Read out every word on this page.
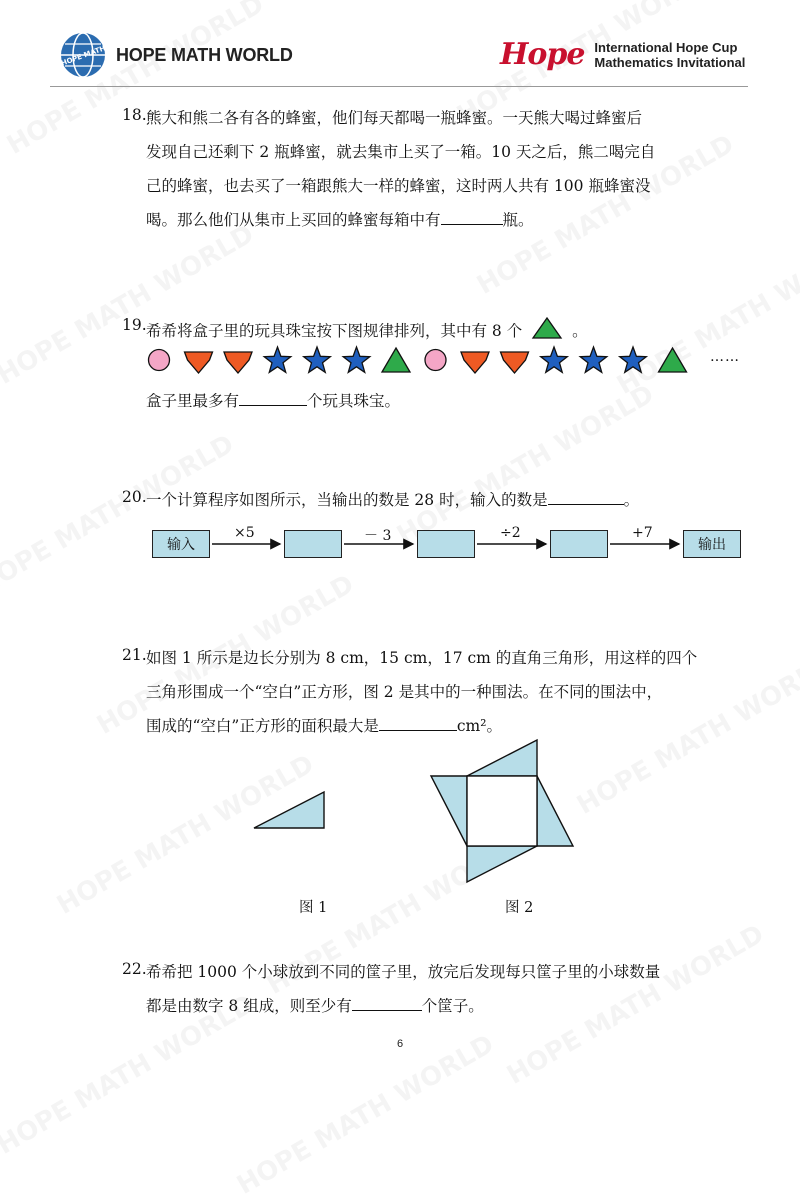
HOPE MATH HOPE MATH WORLD	Hope International Hope Cup
Mathematics Invitational
18. 熊大和熊二各有各的蜂蜜，他们每天都喝一瓶蜂蜜。一天熊大喝过蜂蜜后
发现自己还剩下 2 瓶蜂蜜，就去集市上买了一箱。10 天之后，熊二喝完自
己的蜂蜜，也去买了一箱跟熊大一样的蜂蜜，这时两人共有 100 瓶蜂蜜没
喝。那么他们从集市上买回的蜂蜜每箱中有	瓶。
19. 希希将盒子里的玩具珠宝按下图规律排列，其中有 8 个	。
……
盒子里最多有	个玩具珠宝。
20. 一个计算程序如图所示，当输出的数是 28 时，输入的数是	。
输入	输出
×5	－ 3	÷2	+7
21. 如图 1 所示是边长分别为 8 cm，15 cm，17 cm 的直角三角形，用这样的四个
三角形围成一个“空白”正方形，图 2 是其中的一种围法。在不同的围法中，
围成的“空白”正方形的面积最大是	cm²。
图 1	图 2
22. 希希把 1000 个小球放到不同的筐子里，放完后发现每只筐子里的小球数量
都是由数字 8 组成，则至少有	个筐子。
6
